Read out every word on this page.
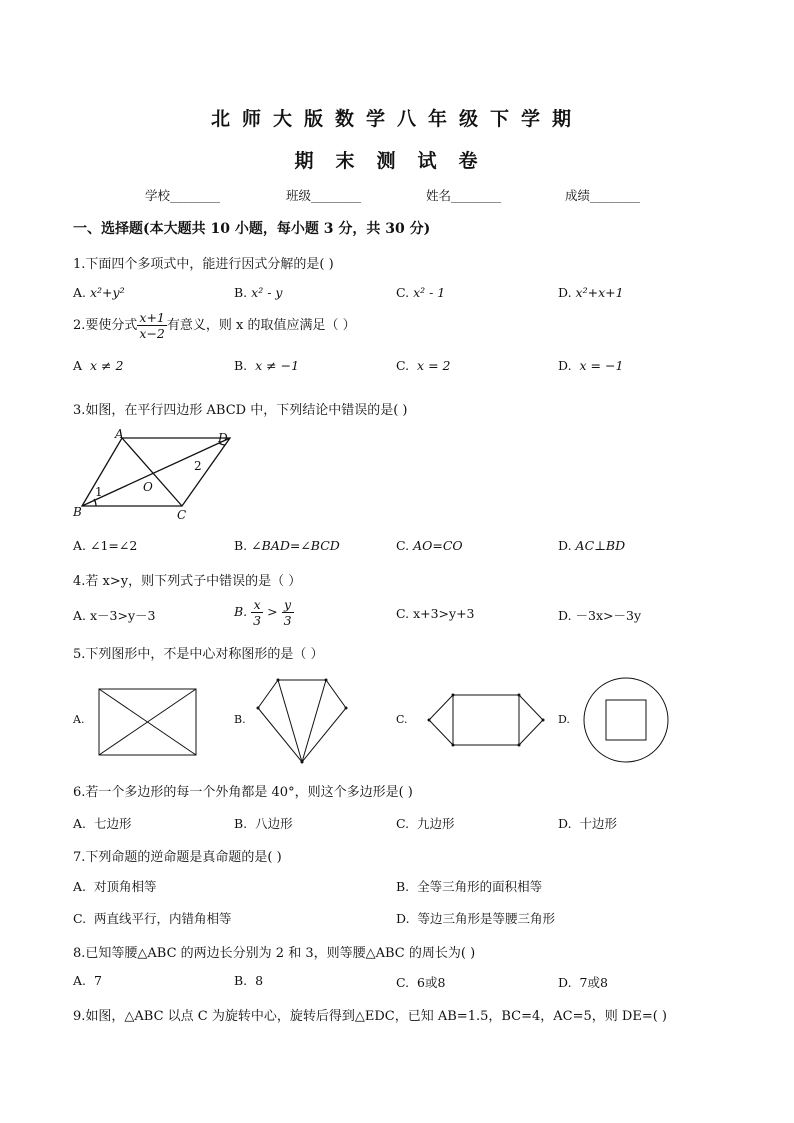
北师大版数学八年级下学期
期末测试卷
学校________	班级________	姓名________	成绩________
一、选择题(本大题共 10 小题，每小题 3 分，共 30 分)
1.下面四个多项式中，能进行因式分解的是( )
A. x²+y²	B. x² - y	C. x² - 1	D. x²+x+1
2.要使分式 $\frac{x+1}{x-2}$ 有意义，则 x 的取值应满足（ ）
A x ≠ 2	B. x ≠ −1	C. x = 2	D. x = −1
3.如图，在平行四边形 ABCD 中，下列结论中错误的是( )
A	D
B	C
O
1
2
A. ∠1=∠2	B. ∠BAD=∠BCD	C. AO=CO	D. AC⊥BD
4.若 x>y，则下列式子中错误的是（ ）
A. x－3>y－3	B. $\frac{x}{3} > \frac{y}{3}$	C. x+3>y+3	D. －3x>－3y
5.下列图形中，不是中心对称图形的是（ ）
A.	B.	C.	D.
6.若一个多边形的每一个外角都是 40°，则这个多边形是( )
A. 七边形	B. 八边形	C. 九边形	D. 十边形
7.下列命题的逆命题是真命题的是( )
A. 对顶角相等	B. 全等三角形的面积相等
C. 两直线平行，内错角相等	D. 等边三角形是等腰三角形
8.已知等腰△ABC 的两边长分别为 2 和 3，则等腰△ABC 的周长为( )
A. 7	B. 8	C. 6或8	D. 7或8
9.如图，△ABC 以点 C 为旋转中心，旋转后得到△EDC，已知 AB=1.5，BC=4，AC=5，则 DE=( )
